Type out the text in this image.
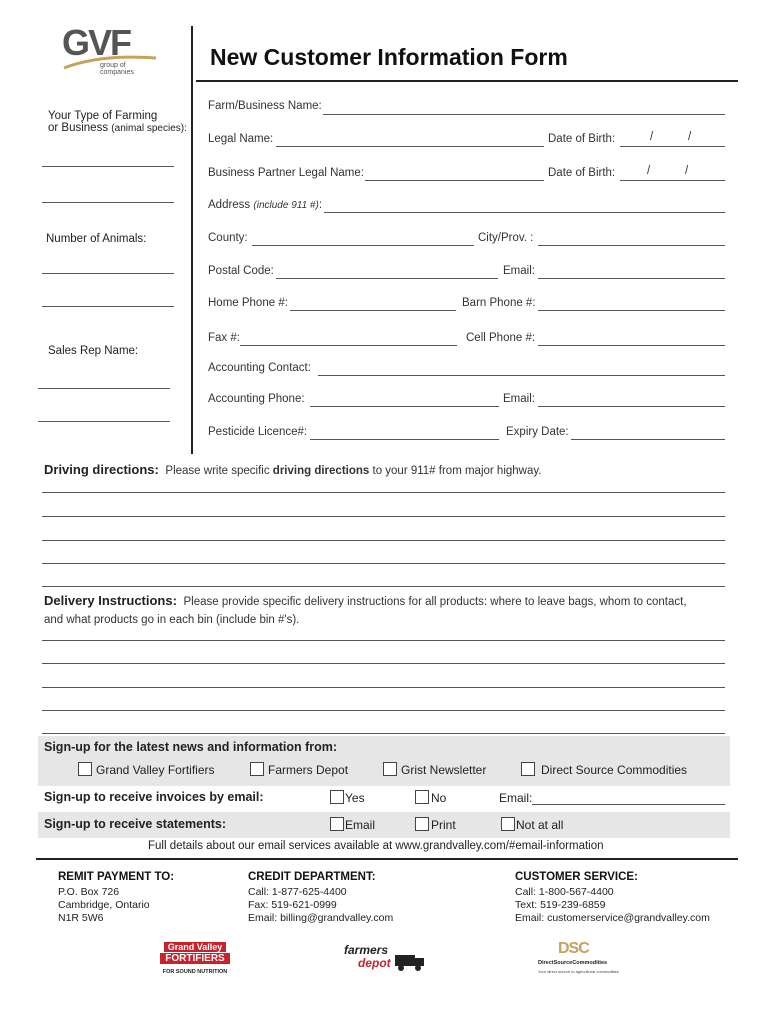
GVF
group of companies
New Customer Information Form
Your Type of Farming
or Business (animal species):
Number of Animals:
Sales Rep Name:
Farm/Business Name:
Legal Name:	Date of Birth:	/	/
Business Partner Legal Name:	Date of Birth:	/	/
Address (include 911 #):
County:	City/Prov. :
Postal Code:	Email:
Home Phone #:	Barn Phone #:
Fax #:	Cell Phone #:
Accounting Contact:
Accounting Phone:	Email:
Pesticide Licence#:	Expiry Date:
Driving directions: Please write specific driving directions to your 911# from major highway.
Delivery Instructions: Please provide specific delivery instructions for all products: where to leave bags, whom to contact,
and what products go in each bin (include bin #'s).
Sign-up for the latest news and information from:
Grand Valley Fortifiers	Farmers Depot	Grist Newsletter	Direct Source Commodities
Sign-up to receive invoices by email:	Yes	No	Email:
Sign-up to receive statements:	Email	Print	Not at all
Full details about our email services available at www.grandvalley.com/#email-information
REMIT PAYMENT TO:
P.O. Box 726
Cambridge, Ontario
N1R 5W6
CREDIT DEPARTMENT:
Call: 1-877-625-4400
Fax: 519-621-0999
Email: billing@grandvalley.com
CUSTOMER SERVICE:
Call: 1-800-567-4400
Text: 519-239-6859
Email: customerservice@grandvalley.com
Grand Valley
FORTIFIERS
FOR SOUND NUTRITION
farmers
depot
DSC
DirectSourceCommodities
Your direct source to agricultural commodities
